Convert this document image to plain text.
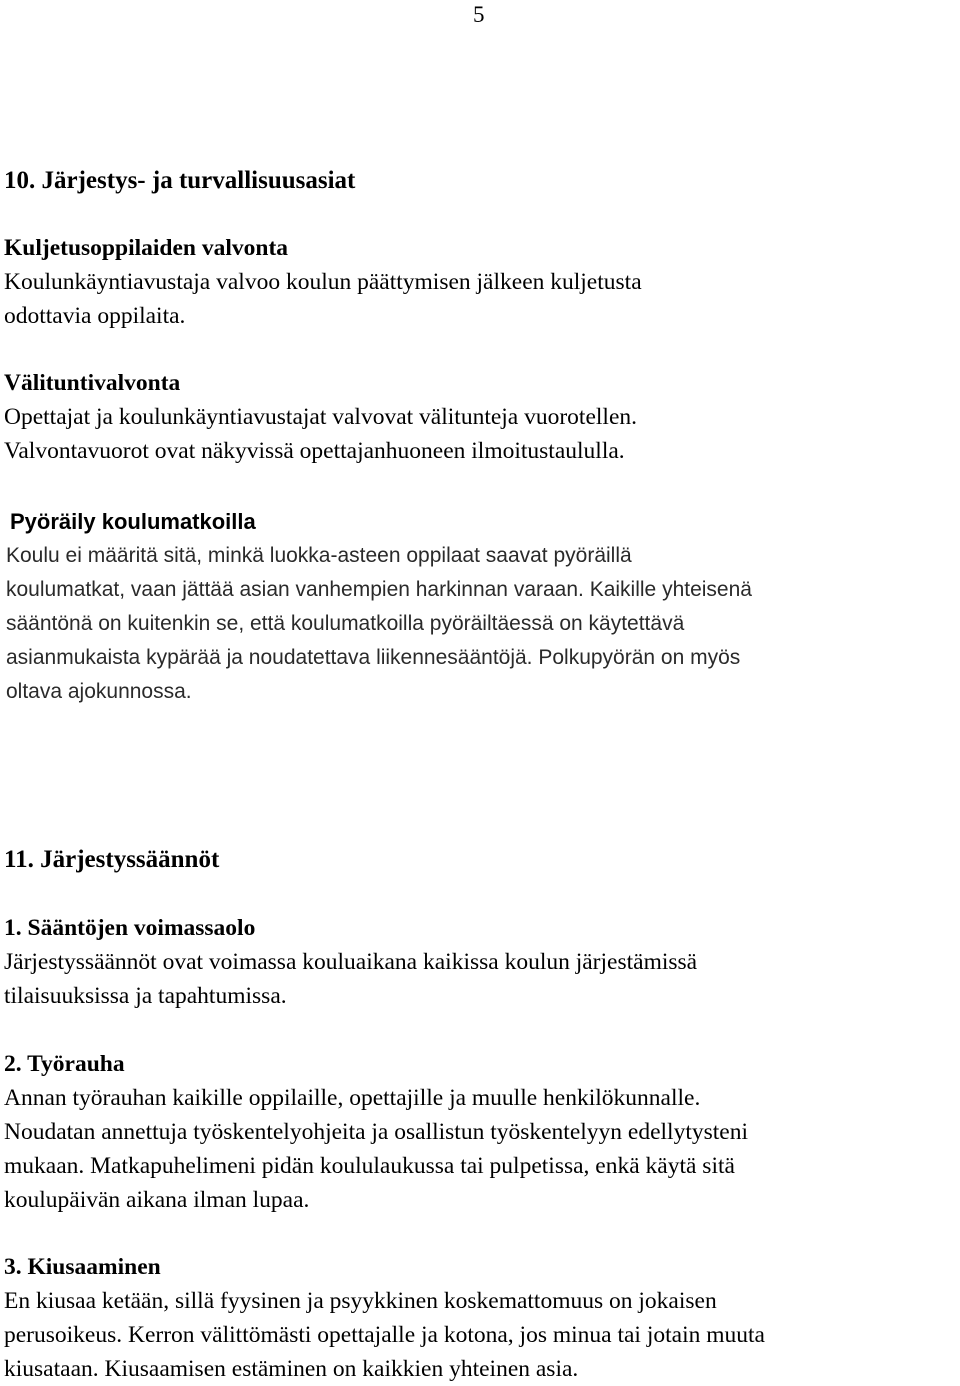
5
10. Järjestys- ja turvallisuusasiat
Kuljetusoppilaiden valvonta
Koulunkäyntiavustaja valvoo koulun päättymisen jälkeen kuljetusta
odottavia oppilaita.
Välituntivalvonta
Opettajat ja koulunkäyntiavustajat valvovat välitunteja vuorotellen.
Valvontavuorot ovat näkyvissä opettajanhuoneen ilmoitustaululla.
Pyöräily koulumatkoilla
Koulu ei määritä sitä, minkä luokka-asteen oppilaat saavat pyöräillä
koulumatkat, vaan jättää asian vanhempien harkinnan varaan. Kaikille yhteisenä
sääntönä on kuitenkin se, että koulumatkoilla pyöräiltäessä on käytettävä
asianmukaista kypärää ja noudatettava liikennesääntöjä. Polkupyörän on myös
oltava ajokunnossa.
11. Järjestyssäännöt
1. Sääntöjen voimassaolo
Järjestyssäännöt ovat voimassa kouluaikana kaikissa koulun järjestämissä
tilaisuuksissa ja tapahtumissa.
2. Työrauha
Annan työrauhan kaikille oppilaille, opettajille ja muulle henkilökunnalle.
Noudatan annettuja työskentelyohjeita ja osallistun työskentelyyn edellytysteni
mukaan. Matkapuhelimeni pidän koululaukussa tai pulpetissa, enkä käytä sitä
koulupäivän aikana ilman lupaa.
3. Kiusaaminen
En kiusaa ketään, sillä fyysinen ja psyykkinen koskemattomuus on jokaisen
perusoikeus. Kerron välittömästi opettajalle ja kotona, jos minua tai jotain muuta
kiusataan. Kiusaamisen estäminen on kaikkien yhteinen asia.
